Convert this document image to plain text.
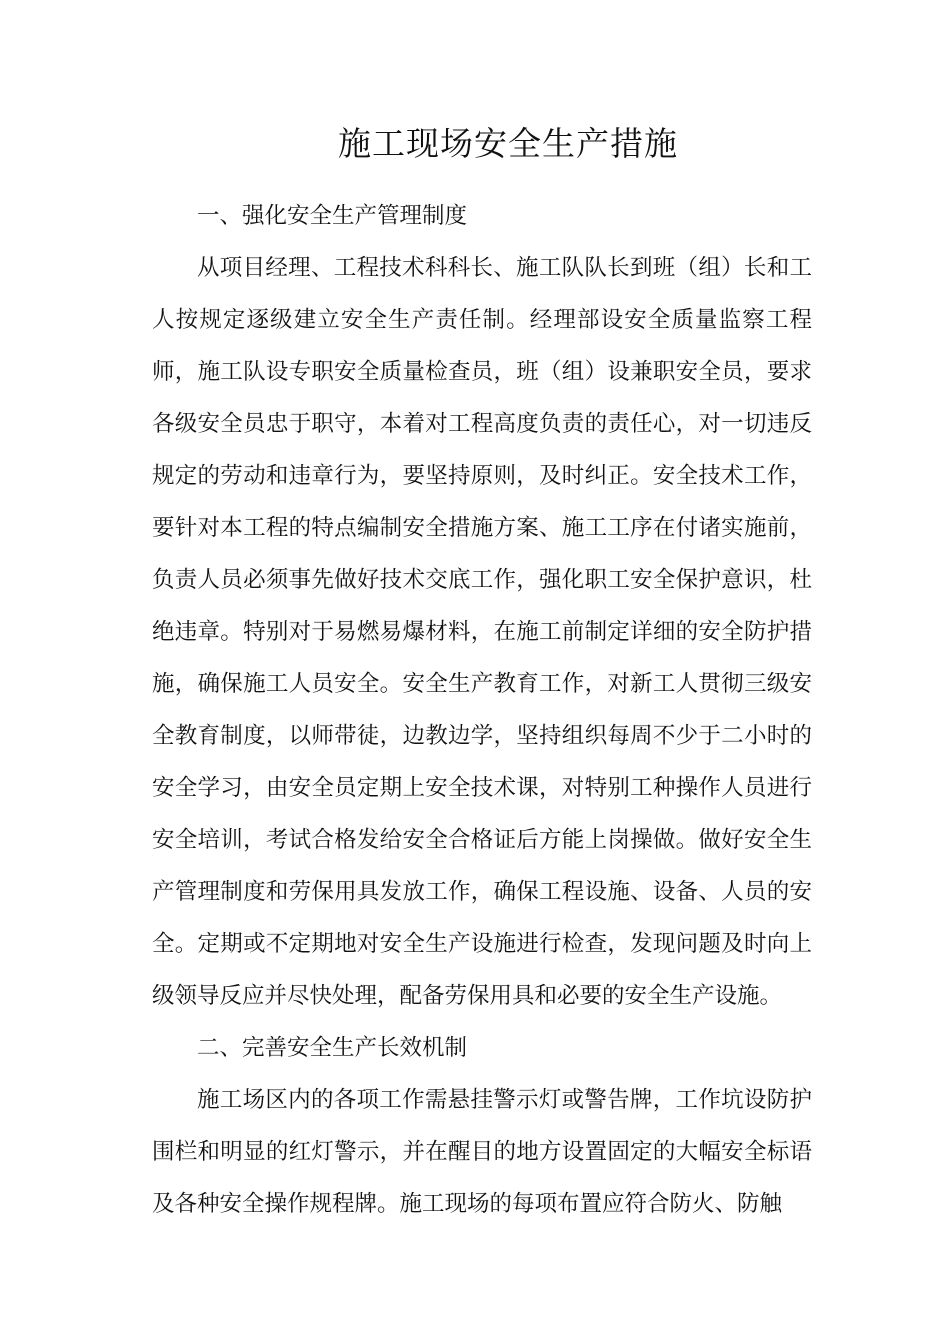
施工现场安全生产措施

一、强化安全生产管理制度

从项目经理、工程技术科科长、施工队队长到班（组）长和工人按规定逐级建立安全生产责任制。经理部设安全质量监察工程师，施工队设专职安全质量检查员，班（组）设兼职安全员，要求各级安全员忠于职守，本着对工程高度负责的责任心，对一切违反规定的劳动和违章行为，要坚持原则，及时纠正。安全技术工作，要针对本工程的特点编制安全措施方案、施工工序在付诸实施前，负责人员必须事先做好技术交底工作，强化职工安全保护意识，杜绝违章。特别对于易燃易爆材料，在施工前制定详细的安全防护措施，确保施工人员安全。安全生产教育工作，对新工人贯彻三级安全教育制度，以师带徒，边教边学，坚持组织每周不少于二小时的安全学习，由安全员定期上安全技术课，对特别工种操作人员进行安全培训，考试合格发给安全合格证后方能上岗操做。做好安全生产管理制度和劳保用具发放工作，确保工程设施、设备、人员的安全。定期或不定期地对安全生产设施进行检查，发现问题及时向上级领导反应并尽快处理，配备劳保用具和必要的安全生产设施。

二、完善安全生产长效机制

施工场区内的各项工作需悬挂警示灯或警告牌，工作坑设防护围栏和明显的红灯警示，并在醒目的地方设置固定的大幅安全标语及各种安全操作规程牌。施工现场的每项布置应符合防火、防触
